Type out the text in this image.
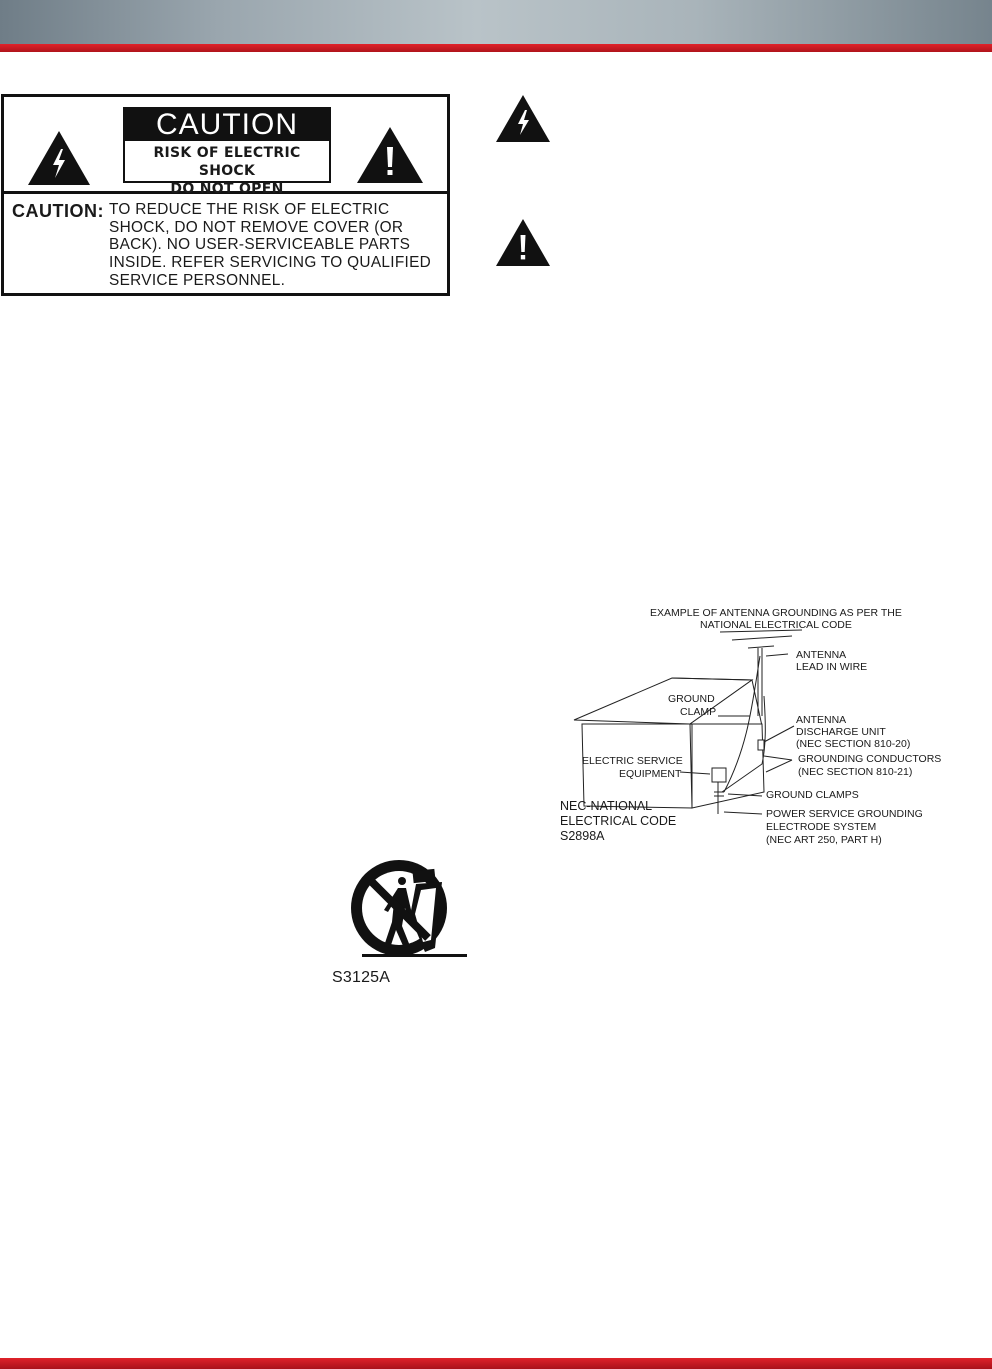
CAUTION
RISK OF ELECTRIC SHOCK
DO NOT OPEN
CAUTION: TO REDUCE THE RISK OF ELECTRIC
SHOCK, DO NOT REMOVE COVER (OR
BACK). NO USER-SERVICEABLE PARTS
INSIDE. REFER SERVICING TO QUALIFIED
SERVICE PERSONNEL.
EXAMPLE OF ANTENNA GROUNDING AS PER THE
NATIONAL ELECTRICAL CODE
ANTENNA
LEAD IN WIRE
GROUND
CLAMP
ANTENNA
DISCHARGE UNIT
(NEC SECTION 810-20)
ELECTRIC SERVICE
EQUIPMENT
GROUNDING CONDUCTORS
(NEC SECTION 810-21)
GROUND CLAMPS
POWER SERVICE GROUNDING
ELECTRODE SYSTEM
(NEC ART 250, PART H)
NEC-NATIONAL
ELECTRICAL CODE
S2898A
S3125A
